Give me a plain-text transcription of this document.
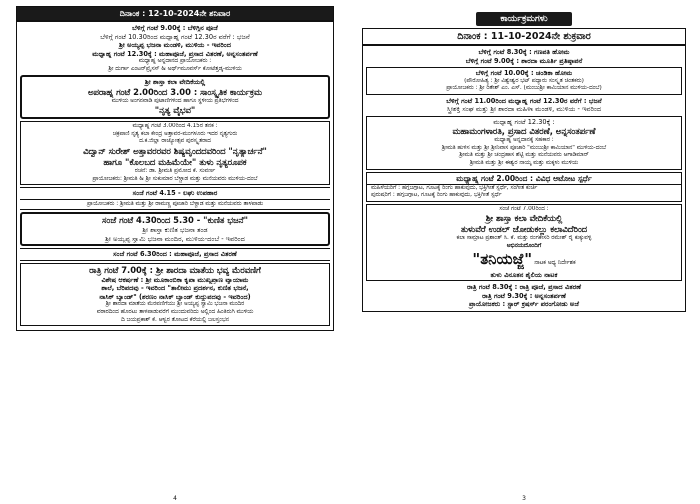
ದಿನಾಂಕ : 12-10-2024ನೇ ಶನಿವಾರ
ಬೆಳಿಗ್ಗೆ ಗಂಟೆ 9.00ಕ್ಕೆ : ಬೆಳಿಗ್ಗಿನ ಪೂಜೆ
ಬೆಳಿಗ್ಗೆ ಗಂಟೆ 10.30ರಿಂದ ಮಧ್ಯಾಹ್ನ ಗಂಟೆ 12.30ರ ವರೆಗೆ : ಭಜನೆ
ಶ್ರೀ ಅಯ್ಯಪ್ಪ ಭಜನಾ ಮಂಡಳಿ, ಮುಳಿಯ - ಇವರಿಂದ
ಮಧ್ಯಾಹ್ನ ಗಂಟೆ 12.30ಕ್ಕೆ : ಮಹಾಪೂಜೆ, ಪ್ರಸಾದ ವಿತರಣೆ, ಅನ್ನಸಂತರ್ಪಣೆ
ಮಧ್ಯಾಹ್ನ ಅನ್ನದಾನದ ಪ್ರಾಯೋಜಕರು :
ಶ್ರೀ ದುರ್ಗಾ ಎಂಟರ್‌ಪ್ರೈಸಸ್ & ಅರ್ಥ್‌ಮೂವರ್ಸ್ ಕೋಟೆತ್ತಡ್ಕ-ಮುಳಿಯ
ಶ್ರೀ ಶಾಸ್ತಾ ಕಲಾ ವೇದಿಕೆಯಲ್ಲಿ
ಅಪರಾಹ್ನ ಗಂಟೆ 2.00ರಿಂದ 3.00 : ಸಾಂಸ್ಕೃತಿಕ ಕಾರ್ಯಕ್ರಮ
ಮುಳಿಯ ಅಂಗನವಾಡಿ ಪುಟಾಣಿಗಳಿಂದ ಹಾಗೂ ಸ್ಥಳೀಯ ಪ್ರತಿಭೆಗಳಿಂದ
"ನೃತ್ಯ ವೈಭವ"
ಮಧ್ಯಾಹ್ನ ಗಂಟೆ 3.00ರಿಂದ 4.15ರ ತನಕ :
ಚಕ್ರಪಾಣಿ ನೃತ್ಯ ಕಲಾ ಕೇಂದ್ರ ಅತ್ತಾವರ-ಮಂಗಳೂರು ಇದರ ನೃತ್ಯಗುರು
ದ.ಕ.ಜಿಲ್ಲಾ ರಾಜ್ಯೋತ್ಸವ ಪುರಸ್ಕೃತರಾದ
ವಿದ್ವಾನ್ ಸುರೇಶ್ ಅತ್ತಾವರರವರ ಶಿಷ್ಯವೃಂದದವರಿಂದ "ನೃತ್ಯಾರ್ಚನೆ"
ಹಾಗೂ "ಕೊಲಬದ ಮಹಿಮೆಯೇ" ತುಳು ನೃತ್ಯರೂಪಕ
ರಚನೆ: ಡಾ. ಶ್ರೀಮತಿ ಪ್ರಮೋದ ಕೆ. ಸುವರ್ಣ
ಪ್ರಾಯೋಜಕರು: ಶ್ರೀಮತಿ & ಶ್ರೀ ಸುಕುಮಾರ ಬೆಳ್ಚಾಡ ಮತ್ತು ಮನೆಯವರು ಮುಳಿಯ-ದಂಬೆ
ಸಂಜೆ ಗಂಟೆ 4.15 - ಲಘು ಉಪಹಾರ
ಪ್ರಾಯೋಜಕರು : ಶ್ರೀಮತಿ ಮತ್ತು ಶ್ರೀ ರಾಮಣ್ಣ ಪೂಜಾರಿ ಬೆಳ್ಚಾಡ ಮತ್ತು ಮನೆಯವರು ತಾಳಪಾಡು
ಸಂಜೆ ಗಂಟೆ 4.30ರಿಂದ 5.30 - "ಕುಣಿತ ಭಜನೆ"
ಶ್ರೀ ಶಾಸ್ತಾ ಕುಣಿತ ಭಜನಾ ತಂಡ
ಶ್ರೀ ಅಯ್ಯಪ್ಪ ಸ್ವಾಮಿ ಭಜನಾ ಮಂದಿರ, ಮುಳಿಯ-ದಂಬೆ - ಇವರಿಂದ
ಸಂಜೆ ಗಂಟೆ 6.30ರಿಂದ : ಮಹಾಪೂಜೆ, ಪ್ರಸಾದ ವಿತರಣೆ
ರಾತ್ರಿ ಗಂಟೆ 7.00ಕ್ಕೆ : ಶ್ರೀ ಶಾರದಾ ಮಾತೆಯ ಭವ್ಯ ಮೆರವಣಿಗೆ
ವಿಶೇಷ ಆಕರ್ಷಣೆ : ಶ್ರೀ ಮೂಕಾಂಬಿಕಾ ಕೃಪಾ ಮುಖ್ಯಪ್ರಾಣ ವ್ಯಾಯಾಮ
ಶಾಲೆ, ಬೆರಿಪದವು - ಇವರಿಂದ "ತಾಲೀಮು ಪ್ರದರ್ಶನ, ಕುಣಿತ ಭಜನೆ,
ನಾಸಿಕ್ ಬ್ಯಾಂಡ್" (ಶರಣಂ ನಾಸಿಕ್ ಬ್ಯಾಂಡ್ ಕುದ್ದುಪದವು - ಇವರಿಂದ)
ಶ್ರೀ ಶಾರದಾ ಮಾತೆಯ ಮೆರವಣಿಗೆಯು ಶ್ರೀ ಅಯ್ಯಪ್ಪ ಸ್ವಾಮಿ ಭಜನಾ ಮಂದಿರ
ವಠಾರದಿಂದ ಹೊರಟು ತಾಳಪಾಡುವರೆಗೆ ಮುಂದುವರಿದು ಅಲ್ಲಿಂದ ಹಿಂತಿರುಗಿ ಮುಳಿಯ
ದಿ ಜಯಪ್ರಕಾಶ್ ಕೆ. ಆಳ್ವರ ತೋಟದ ಕೆರೆಯಲ್ಲಿ ಜಲಸ್ತಂಭನ
4
ಕಾರ್ಯಕ್ರಮಗಳು
ದಿನಾಂಕ : 11-10-2024ನೇ ಶುಕ್ರವಾರ
ಬೆಳಿಗ್ಗೆ ಗಂಟೆ 8.30ಕ್ಕೆ : ಗಣಪತಿ ಹೋಮ
ಬೆಳಿಗ್ಗೆ ಗಂಟೆ 9.00ಕ್ಕೆ : ಶಾರದಾ ಮೂರ್ತಿ ಪ್ರತಿಷ್ಠಾಪನೆ
ಬೆಳಿಗ್ಗೆ ಗಂಟೆ 10.00ಕ್ಕೆ : ಚಂಡಿಕಾ ಹೋಮ
(ಪೌರೋಹಿತ್ಯ : ಶ್ರೀ ವಿಶ್ವೇಶ್ವರ ಭಟ್ ಪದ್ಯಾರು ಸಂಸ್ಕೃತ ಚಿಂತಕರು)
ಪ್ರಾಯೋಜಕರು : ಶ್ರೀ ರಿತೇಶ್ ಎಂ. ಎಸ್. (ಮಂಜುಶ್ರೀ ಕಾಮಿಯಾನ ಮುಳಿಯ-ದಂಬೆ)
ಬೆಳಿಗ್ಗೆ ಗಂಟೆ 11.00ರಿಂದ ಮಧ್ಯಾಹ್ನ ಗಂಟೆ 12.30ರ ವರೆಗೆ : ಭಜನೆ
ಸ್ತ್ರೀಶಕ್ತಿ ಸಂಘ ಮತ್ತು ಶ್ರೀ ಶಾರದಾ ಮಹಿಳಾ ಮಂಡಳಿ, ಮುಳಿಯ - ಇವರಿಂದ
ಮಧ್ಯಾಹ್ನ ಗಂಟೆ 12.30ಕ್ಕೆ :
ಮಹಾಮಂಗಳಾರತಿ, ಪ್ರಸಾದ ವಿತರಣೆ, ಅನ್ನಸಂತರ್ಪಣೆ
ಮಧ್ಯಾಹ್ನ ಅನ್ನದಾನಕ್ಕೆ ಸಹಕಾರ :
ಶ್ರೀಮತಿ ಹುಳಿಸ ಮತ್ತು ಶ್ರೀ ಶ್ರೀನಿವಾಸ ಪೂಜಾರಿ "ಮಂಜುಶ್ರೀ ಕಾಮಿಯಾನ" ಮುಳಿಯ-ದಂಬೆ
ಶ್ರೀಮತಿ ಮತ್ತು ಶ್ರೀ ಚಂದ್ರಹಾಸ ಶೆಟ್ಟಿ ಮತ್ತು ಮನೆಯವರು ಆಗಾಡಿಮಾರ್
ಶ್ರೀಮತಿ ಮತ್ತು ಶ್ರೀ ಈಶ್ವರ ನಾಯ್ಕ ಮತ್ತು ಮಕ್ಕಳು ಮುಳಿಯ
ಮಧ್ಯಾಹ್ನ ಗಂಟೆ 2.00ರಿಂದ : ವಿವಿಧ ಆಟೋಟ ಸ್ಪರ್ಧೆ
ಮಹಿಳೆಯರಿಗೆ : ಹಗ್ಗಜಗ್ಗಾಟ, ಗೂಟಕ್ಕೆ ರಿಂಗು ಹಾಕುವುದು, ಭಕ್ತಿಗೀತೆ ಸ್ಪರ್ಧೆ, ಸಂಗೀತ ಕುರ್ಚಿ
ಪುರುಷರಿಗೆ : ಹಗ್ಗಜಗ್ಗಾಟ, ಗೂಟಕ್ಕೆ ರಿಂಗು ಹಾಕುವುದು, ಭಕ್ತಿಗೀತೆ ಸ್ಪರ್ಧೆ
ಸಂಜೆ ಗಂಟೆ 7.00ರಿಂದ :
ಶ್ರೀ ಶಾಸ್ತಾ ಕಲಾ ವೇದಿಕೆಯಲ್ಲಿ
ತುಳುವೆರೆ ಉಡಲ್ ಜೋಡುಕಲ್ಲು ಕಲಾವಿದೆರಿಂದ
ಕಲಾ ಸಾಮ್ರಾಟ ಪ್ರಶಾಂತ್ ಸಿ. ಕೆ. ಮತ್ತು ರಂಗಕೇಸರಿ ರಮೇಶ್ ರೈ ಕುಕ್ಕುವಳ್ಳಿ
ಅಭಿನಯದೊಂದಿಗೆ
"ತನಿಯಜ್ಜೆ" ನಾಟಕ ಅಧ್ಯ ನಿರ್ದೇಶಕ
ತುಳು ವಿನೂತನ ಶೈಲಿಯ ನಾಟಕ
ರಾತ್ರಿ ಗಂಟೆ 8.30ಕ್ಕೆ : ರಾತ್ರಿ ಪೂಜೆ, ಪ್ರಸಾದ ವಿತರಣೆ
ರಾತ್ರಿ ಗಂಟೆ 9.30ಕ್ಕೆ : ಅನ್ನಸಂತರ್ಪಣೆ
ಪ್ರಾಯೋಜಕರು : ಸ್ಟಾರ್ ಕ್ರಷರ್ಸ್ ಪರಂಗೋಡು ಅಜೆ
3
